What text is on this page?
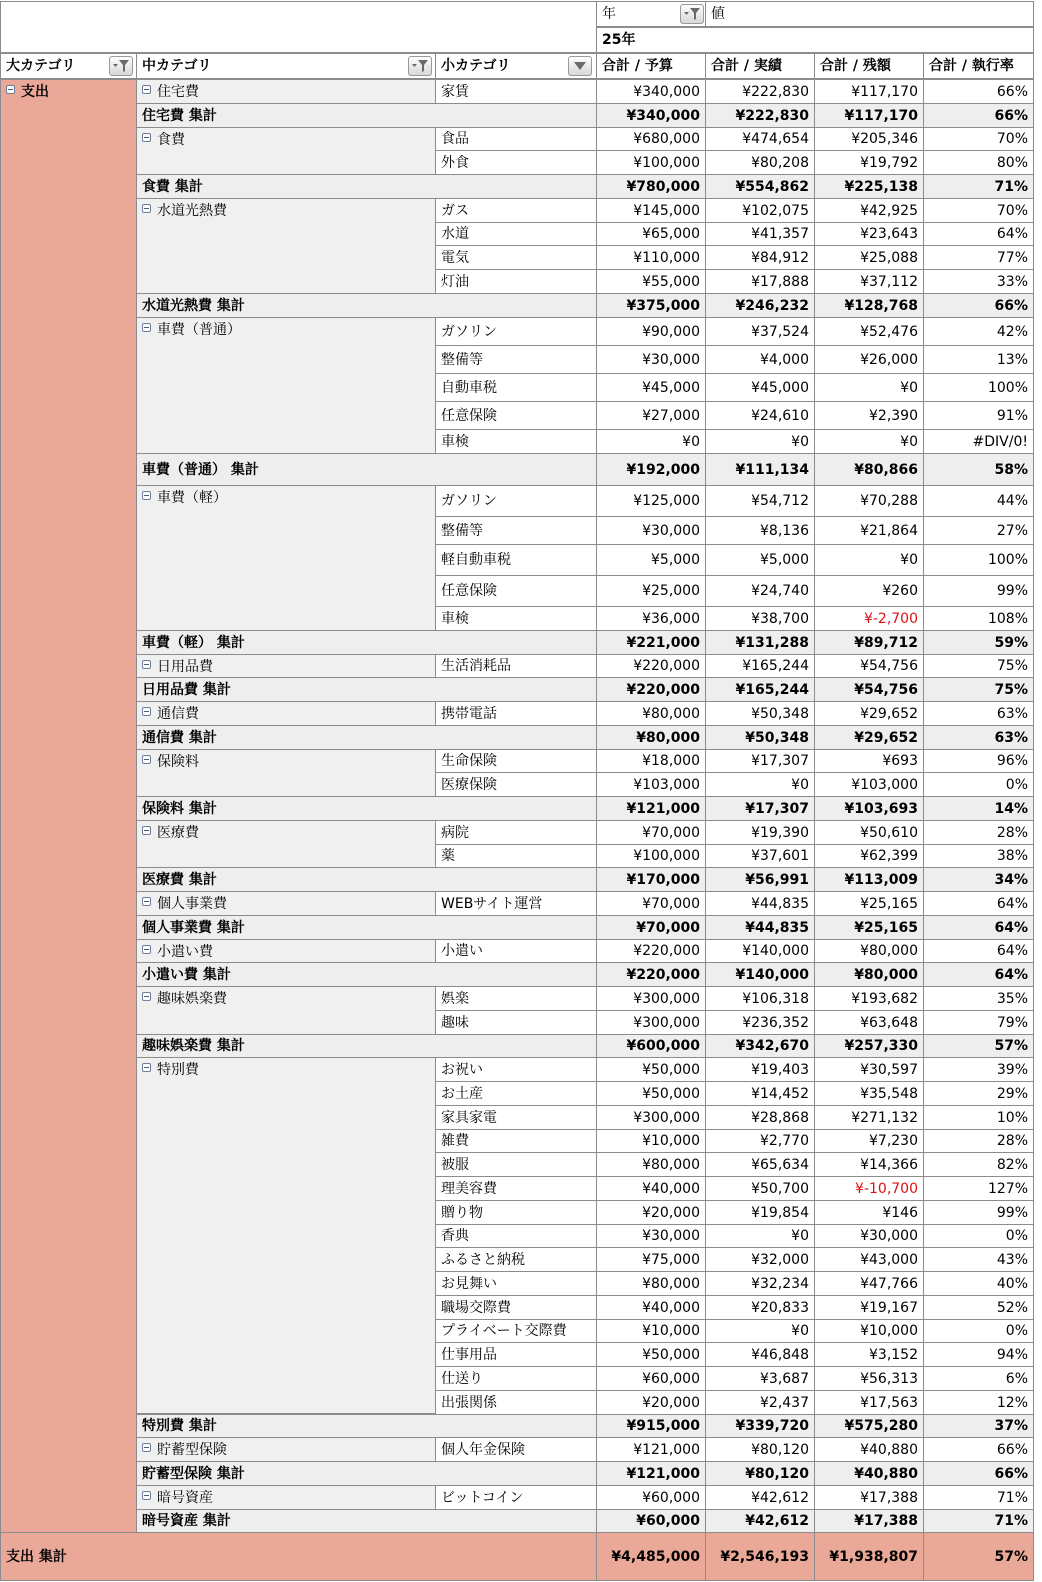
年	値
25年
大カテゴリ	中カテゴリ	小カテゴリ	合計 / 予算	合計 / 実績	合計 / 残額	合計 / 執行率
支出	住宅費	家賃	¥340,000	¥222,830	¥117,170	66%
住宅費 集計	¥340,000	¥222,830	¥117,170	66%
食費	食品	¥680,000	¥474,654	¥205,346	70%
外食	¥100,000	¥80,208	¥19,792	80%
食費 集計	¥780,000	¥554,862	¥225,138	71%
水道光熱費	ガス	¥145,000	¥102,075	¥42,925	70%
水道	¥65,000	¥41,357	¥23,643	64%
電気	¥110,000	¥84,912	¥25,088	77%
灯油	¥55,000	¥17,888	¥37,112	33%
水道光熱費 集計	¥375,000	¥246,232	¥128,768	66%
車費（普通）	ガソリン	¥90,000	¥37,524	¥52,476	42%
整備等	¥30,000	¥4,000	¥26,000	13%
自動車税	¥45,000	¥45,000	¥0	100%
任意保険	¥27,000	¥24,610	¥2,390	91%
車検	¥0	¥0	¥0	#DIV/0!
車費（普通） 集計	¥192,000	¥111,134	¥80,866	58%
車費（軽）	ガソリン	¥125,000	¥54,712	¥70,288	44%
整備等	¥30,000	¥8,136	¥21,864	27%
軽自動車税	¥5,000	¥5,000	¥0	100%
任意保険	¥25,000	¥24,740	¥260	99%
車検	¥36,000	¥38,700	¥-2,700	108%
車費（軽） 集計	¥221,000	¥131,288	¥89,712	59%
日用品費	生活消耗品	¥220,000	¥165,244	¥54,756	75%
日用品費 集計	¥220,000	¥165,244	¥54,756	75%
通信費	携帯電話	¥80,000	¥50,348	¥29,652	63%
通信費 集計	¥80,000	¥50,348	¥29,652	63%
保険料	生命保険	¥18,000	¥17,307	¥693	96%
医療保険	¥103,000	¥0	¥103,000	0%
保険料 集計	¥121,000	¥17,307	¥103,693	14%
医療費	病院	¥70,000	¥19,390	¥50,610	28%
薬	¥100,000	¥37,601	¥62,399	38%
医療費 集計	¥170,000	¥56,991	¥113,009	34%
個人事業費	WEBサイト運営	¥70,000	¥44,835	¥25,165	64%
個人事業費 集計	¥70,000	¥44,835	¥25,165	64%
小遣い費	小遣い	¥220,000	¥140,000	¥80,000	64%
小遣い費 集計	¥220,000	¥140,000	¥80,000	64%
趣味娯楽費	娯楽	¥300,000	¥106,318	¥193,682	35%
趣味	¥300,000	¥236,352	¥63,648	79%
趣味娯楽費 集計	¥600,000	¥342,670	¥257,330	57%
特別費	お祝い	¥50,000	¥19,403	¥30,597	39%
お土産	¥50,000	¥14,452	¥35,548	29%
家具家電	¥300,000	¥28,868	¥271,132	10%
雑費	¥10,000	¥2,770	¥7,230	28%
被服	¥80,000	¥65,634	¥14,366	82%
理美容費	¥40,000	¥50,700	¥-10,700	127%
贈り物	¥20,000	¥19,854	¥146	99%
香典	¥30,000	¥0	¥30,000	0%
ふるさと納税	¥75,000	¥32,000	¥43,000	43%
お見舞い	¥80,000	¥32,234	¥47,766	40%
職場交際費	¥40,000	¥20,833	¥19,167	52%
プライベート交際費	¥10,000	¥0	¥10,000	0%
仕事用品	¥50,000	¥46,848	¥3,152	94%
仕送り	¥60,000	¥3,687	¥56,313	6%
出張関係	¥20,000	¥2,437	¥17,563	12%
特別費 集計	¥915,000	¥339,720	¥575,280	37%
貯蓄型保険	個人年金保険	¥121,000	¥80,120	¥40,880	66%
貯蓄型保険 集計	¥121,000	¥80,120	¥40,880	66%
暗号資産	ビットコイン	¥60,000	¥42,612	¥17,388	71%
暗号資産 集計	¥60,000	¥42,612	¥17,388	71%
支出 集計	¥4,485,000	¥2,546,193	¥1,938,807	57%
